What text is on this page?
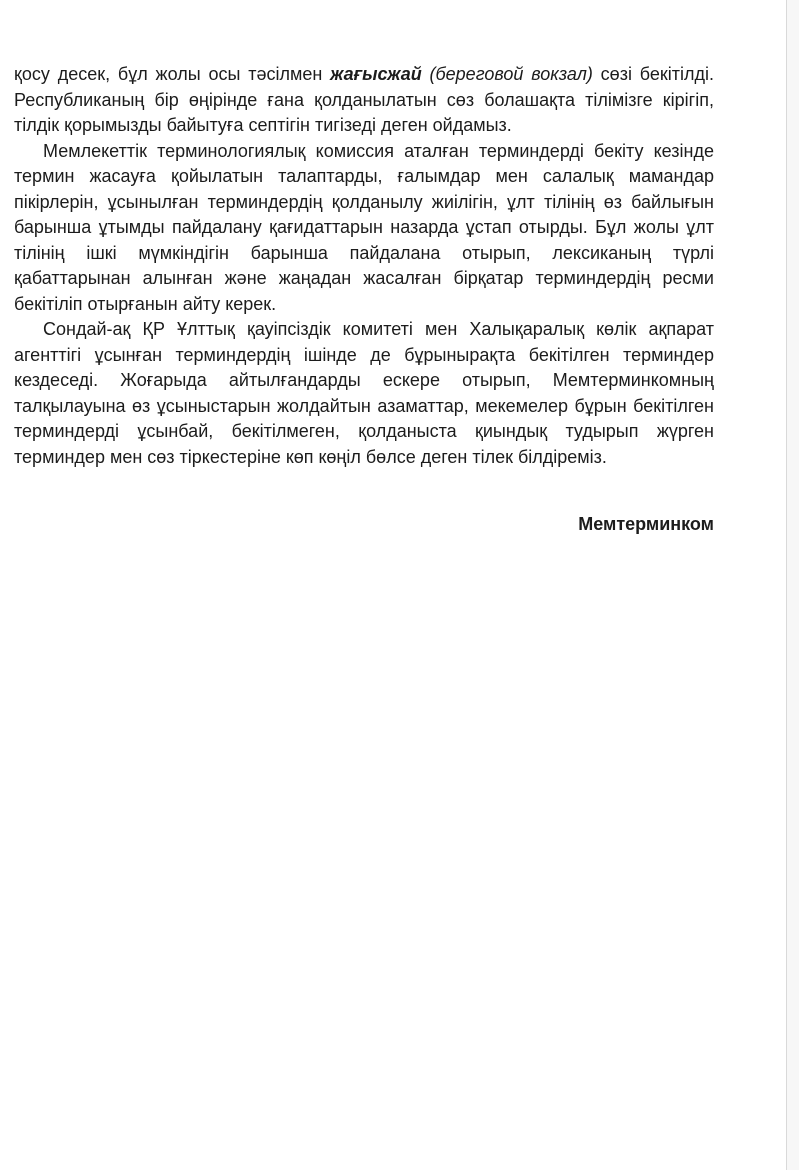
қосу десек, бұл жолы осы тәсілмен жағысжай (береговой вокзал) сөзі бекітілді. Республиканың бір өңірінде ғана қолданылатын сөз болашақта тілімізге кірігіп, тілдік қорымызды байытуға септігін тигізеді деген ойдамыз.

Мемлекеттік терминологиялық комиссия аталған терминдерді бекіту кезінде термин жасауға қойылатын талаптарды, ғалымдар мен салалық мамандар пікірлерін, ұсынылған терминдердің қолданылу жиілігін, ұлт тілінің өз байлығын барынша ұтымды пайдалану қағидаттарын назарда ұстап отырды. Бұл жолы ұлт тілінің ішкі мүмкіндігін барынша пайдалана отырып, лексиканың түрлі қабаттарынан алынған және жаңадан жасалған бірқатар терминдердің ресми бекітіліп отырғанын айту керек.

Сондай-ақ ҚР Ұлттық қауіпсіздік комитеті мен Халықаралық көлік ақпарат агенттігі ұсынған терминдердің ішінде де бұрынырақта бекітілген терминдер кездеседі. Жоғарыда айтылғандарды ескере отырып, Мемтерминкомның талқылауына өз ұсыныстарын жолдайтын азаматтар, мекемелер бұрын бекітілген терминдерді ұсынбай, бекітілмеген, қолданыста қиындық тудырып жүрген терминдер мен сөз тіркестеріне көп көңіл бөлсе деген тілек білдіреміз.

Мемтерминком
